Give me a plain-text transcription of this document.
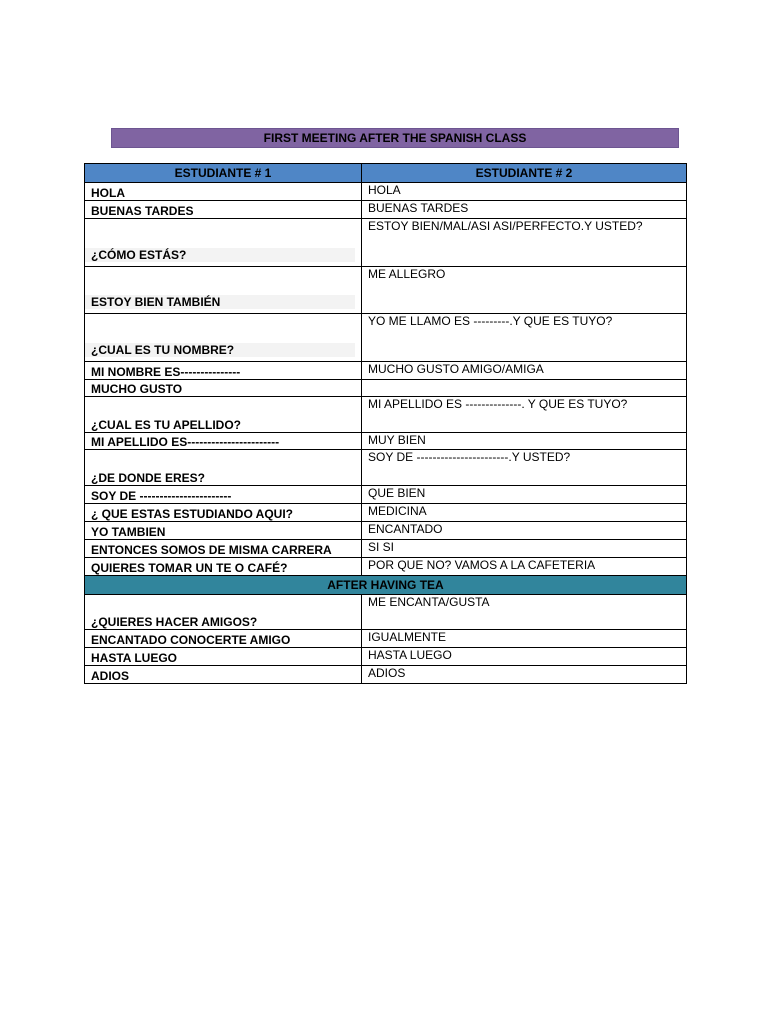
FIRST MEETING AFTER THE SPANISH CLASS
ESTUDIANTE # 1	ESTUDIANTE # 2
HOLA	HOLA
BUENAS TARDES	BUENAS TARDES
¿CÓMO ESTÁS?	ESTOY BIEN/MAL/ASI ASI/PERFECTO.Y USTED?
ESTOY BIEN TAMBIÉN	ME ALLEGRO
¿CUAL ES TU NOMBRE?	YO ME LLAMO ES ---------.Y QUE ES TUYO?
MI NOMBRE ES---------------	MUCHO GUSTO AMIGO/AMIGA
MUCHO GUSTO	
¿CUAL ES TU APELLIDO?	MI APELLIDO ES --------------. Y QUE ES TUYO?
MI APELLIDO ES-----------------------	MUY BIEN
¿DE DONDE ERES?	SOY DE -----------------------.Y USTED?
SOY DE -----------------------	QUE BIEN
¿ QUE ESTAS ESTUDIANDO AQUI?	MEDICINA
YO TAMBIEN	ENCANTADO
ENTONCES SOMOS DE MISMA CARRERA	SI SI
QUIERES TOMAR UN TE O CAFÉ?	POR QUE NO? VAMOS A LA CAFETERIA
AFTER HAVING TEA	
¿QUIERES HACER AMIGOS?	ME ENCANTA/GUSTA
ENCANTADO CONOCERTE AMIGO	IGUALMENTE
HASTA LUEGO	HASTA LUEGO
ADIOS	ADIOS
